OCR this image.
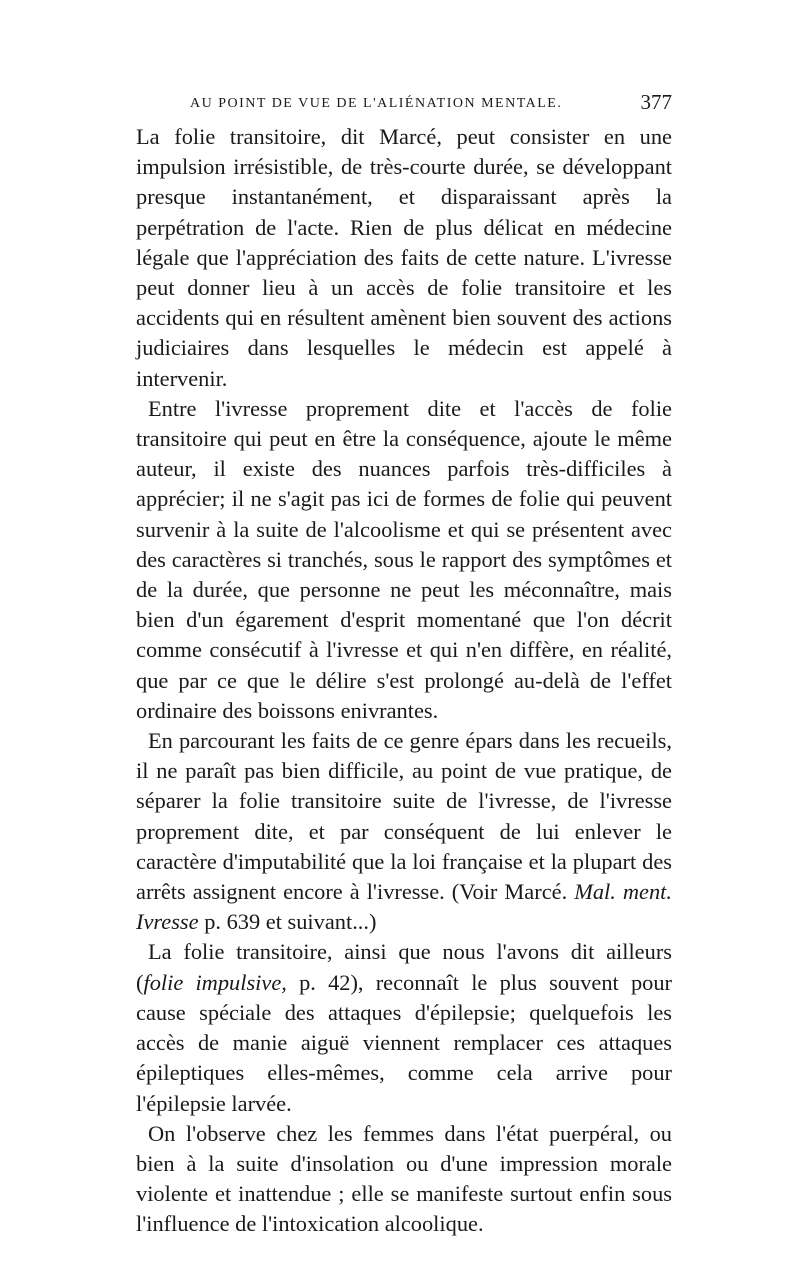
AU POINT DE VUE DE L'ALIÉNATION MENTALE.	377

La folie transitoire, dit Marcé, peut consister en une impulsion irrésistible, de très-courte durée, se développant presque instantanément, et disparaissant après la perpétration de l'acte. Rien de plus délicat en médecine légale que l'appréciation des faits de cette nature. L'ivresse peut donner lieu à un accès de folie transitoire et les accidents qui en résultent amènent bien souvent des actions judiciaires dans lesquelles le médecin est appelé à intervenir.

Entre l'ivresse proprement dite et l'accès de folie transitoire qui peut en être la conséquence, ajoute le même auteur, il existe des nuances parfois très-difficiles à apprécier; il ne s'agit pas ici de formes de folie qui peuvent survenir à la suite de l'alcoolisme et qui se présentent avec des caractères si tranchés, sous le rapport des symptômes et de la durée, que personne ne peut les méconnaître, mais bien d'un égarement d'esprit momentané que l'on décrit comme consécutif à l'ivresse et qui n'en diffère, en réalité, que par ce que le délire s'est prolongé au-delà de l'effet ordinaire des boissons enivrantes.

En parcourant les faits de ce genre épars dans les recueils, il ne paraît pas bien difficile, au point de vue pratique, de séparer la folie transitoire suite de l'ivresse, de l'ivresse proprement dite, et par conséquent de lui enlever le caractère d'imputabilité que la loi française et la plupart des arrêts assignent encore à l'ivresse. (Voir Marcé. Mal. ment. Ivresse p. 639 et suivant...)

La folie transitoire, ainsi que nous l'avons dit ailleurs (folie impulsive, p. 42), reconnaît le plus souvent pour cause spéciale des attaques d'épilepsie; quelquefois les accès de manie aiguë viennent remplacer ces attaques épileptiques elles-mêmes, comme cela arrive pour l'épilepsie larvée.

On l'observe chez les femmes dans l'état puerpéral, ou bien à la suite d'insolation ou d'une impression morale violente et inattendue ; elle se manifeste surtout enfin sous l'influence de l'intoxication alcoolique.
